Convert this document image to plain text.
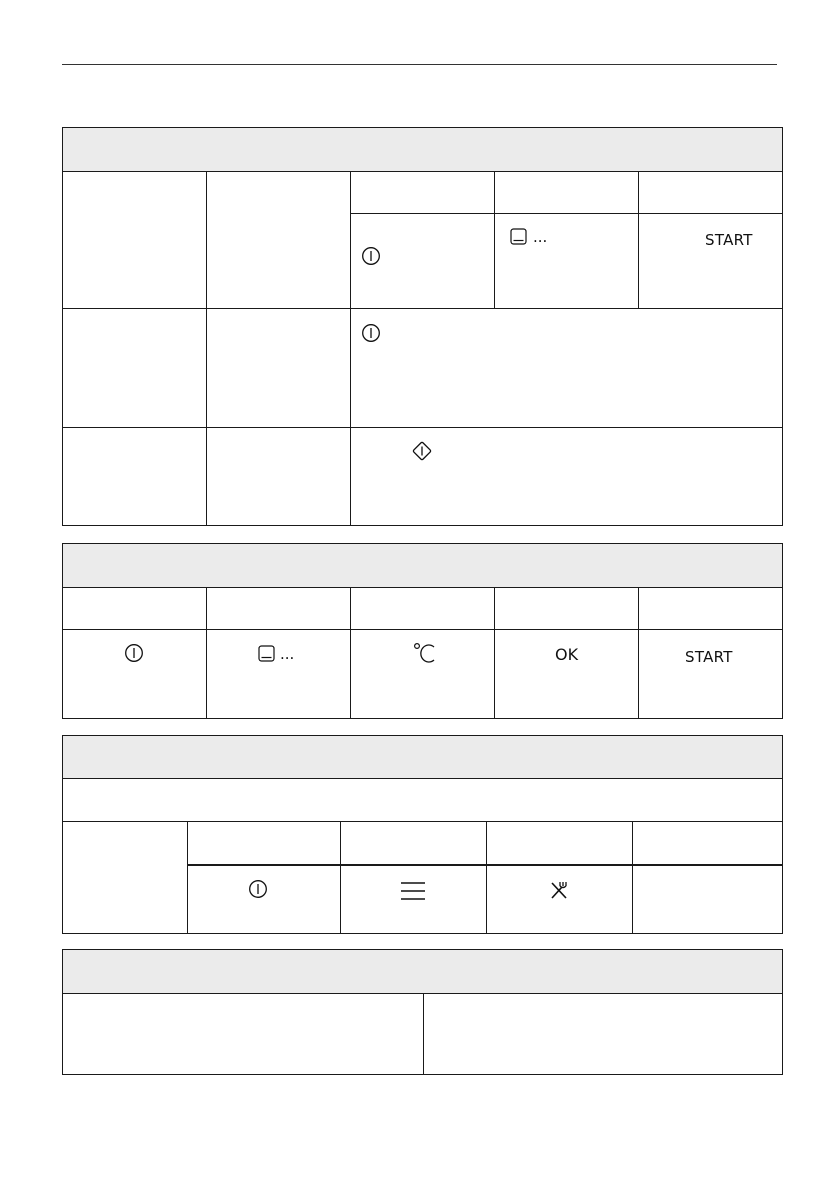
...	START

...		OK	START
